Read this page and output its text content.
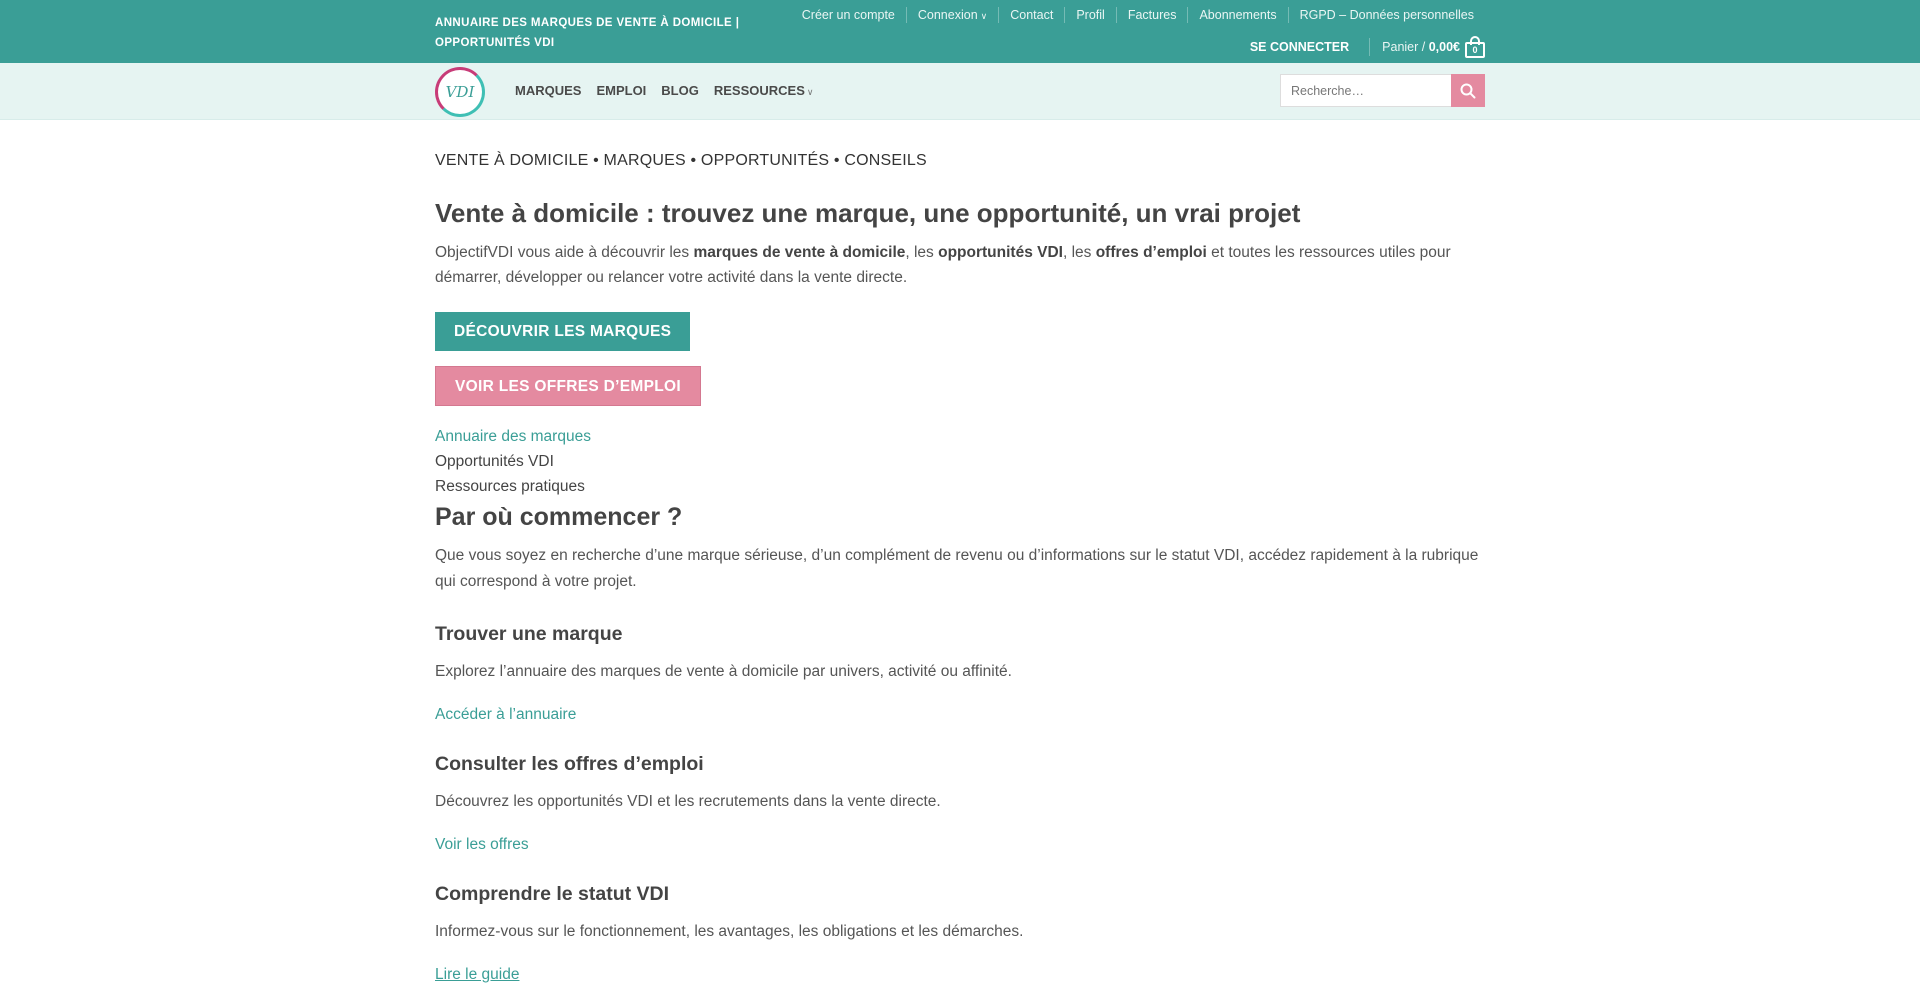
ANNUAIRE DES MARQUES DE VENTE À DOMICILE | OPPORTUNITÉS VDI
Créer un compte	Connexion ∨	Contact	Profil	Factures	Abonnements	RGPD – Données personnelles
SE CONNECTER	Panier / 0,00€	0
VDI	MARQUES EMPLOI BLOG RESSOURCES ∨
Recherche…
VENTE À DOMICILE • MARQUES • OPPORTUNITÉS • CONSEILS
Vente à domicile : trouvez une marque, une opportunité, un vrai projet

ObjectifVDI vous aide à découvrir les marques de vente à domicile, les opportunités VDI, les offres d’emploi et toutes les ressources utiles pour démarrer, développer ou relancer votre activité dans la vente directe.

DÉCOUVRIR LES MARQUES
VOIR LES OFFRES D’EMPLOI
Annuaire des marques
Opportunités VDI
Ressources pratiques
Par où commencer ?

Que vous soyez en recherche d’une marque sérieuse, d’un complément de revenu ou d’informations sur le statut VDI, accédez rapidement à la rubrique qui correspond à votre projet.

Trouver une marque

Explorez l’annuaire des marques de vente à domicile par univers, activité ou affinité.

Accéder à l’annuaire
Consulter les offres d’emploi

Découvrez les opportunités VDI et les recrutements dans la vente directe.

Voir les offres
Comprendre le statut VDI

Informez-vous sur le fonctionnement, les avantages, les obligations et les démarches.

Lire le guide
